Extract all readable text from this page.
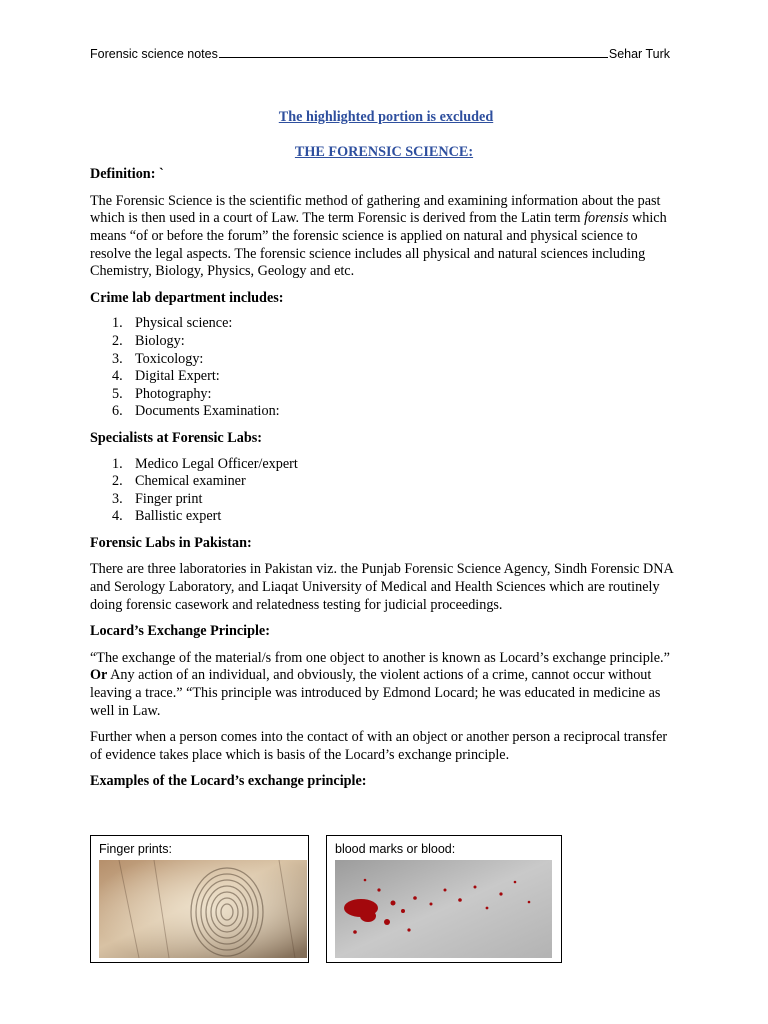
Forensic science notes	Sehar Turk

The highlighted portion is excluded

THE FORENSIC SCIENCE:

Definition: `

The Forensic Science is the scientific method of gathering and examining information about the past which is then used in a court of Law. The term Forensic is derived from the Latin term forensis which means “of or before the forum” the forensic science is applied on natural and physical science to resolve the legal aspects. The forensic science includes all physical and natural sciences including Chemistry, Biology, Physics, Geology and etc.

Crime lab department includes:
1. Physical science:
2. Biology:
3. Toxicology:
4. Digital Expert:
5. Photography:
6. Documents Examination:
Specialists at Forensic Labs:
1. Medico Legal Officer/expert
2. Chemical examiner
3. Finger print
4. Ballistic expert
Forensic Labs in Pakistan:

There are three laboratories in Pakistan viz. the Punjab Forensic Science Agency, Sindh Forensic DNA and Serology Laboratory, and Liaqat University of Medical and Health Sciences which are routinely doing forensic casework and relatedness testing for judicial proceedings.

Locard’s Exchange Principle:

“The exchange of the material/s from one object to another is known as Locard’s exchange principle.” Or Any action of an individual, and obviously, the violent actions of a crime, cannot occur without leaving a trace.” “This principle was introduced by Edmond Locard; he was educated in medicine as well in Law.

Further when a person comes into the contact of with an object or another person a reciprocal transfer of evidence takes place which is basis of the Locard’s exchange principle.

Examples of the Locard’s exchange principle:
Finger prints:	blood marks or blood:
